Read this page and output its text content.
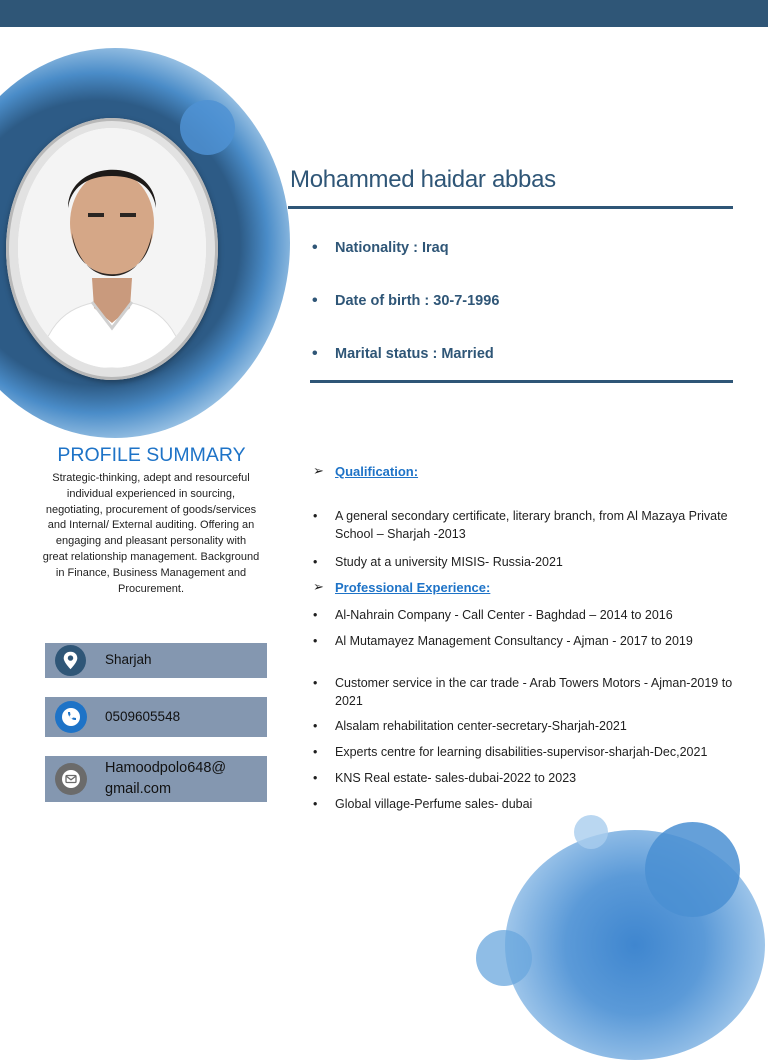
Mohammed haidar abbas
• Nationality : Iraq
• Date of birth : 30-7-1996
• Marital status : Married
PROFILE SUMMARY
Strategic-thinking, adept and resourceful individual experienced in sourcing, negotiating, procurement of goods/services and Internal/ External auditing. Offering an engaging and pleasant personality with great relationship management. Background in Finance, Business Management and Procurement.
Sharjah
0509605548
Hamoodpolo648@
gmail.com
➢ Qualification:
• A general secondary certificate, literary branch, from Al Mazaya Private School – Sharjah -2013
• Study at a university MISIS- Russia-2021
➢ Professional Experience:
• Al-Nahrain Company - Call Center - Baghdad – 2014 to 2016
• Al Mutamayez Management Consultancy - Ajman - 2017 to 2019
• Customer service in the car trade - Arab Towers Motors - Ajman-2019 to 2021
• Alsalam rehabilitation center-secretary-Sharjah-2021
• Experts centre for learning disabilities-supervisor-sharjah-Dec,2021
• KNS Real estate- sales-dubai-2022 to 2023
• Global village-Perfume sales- dubai
